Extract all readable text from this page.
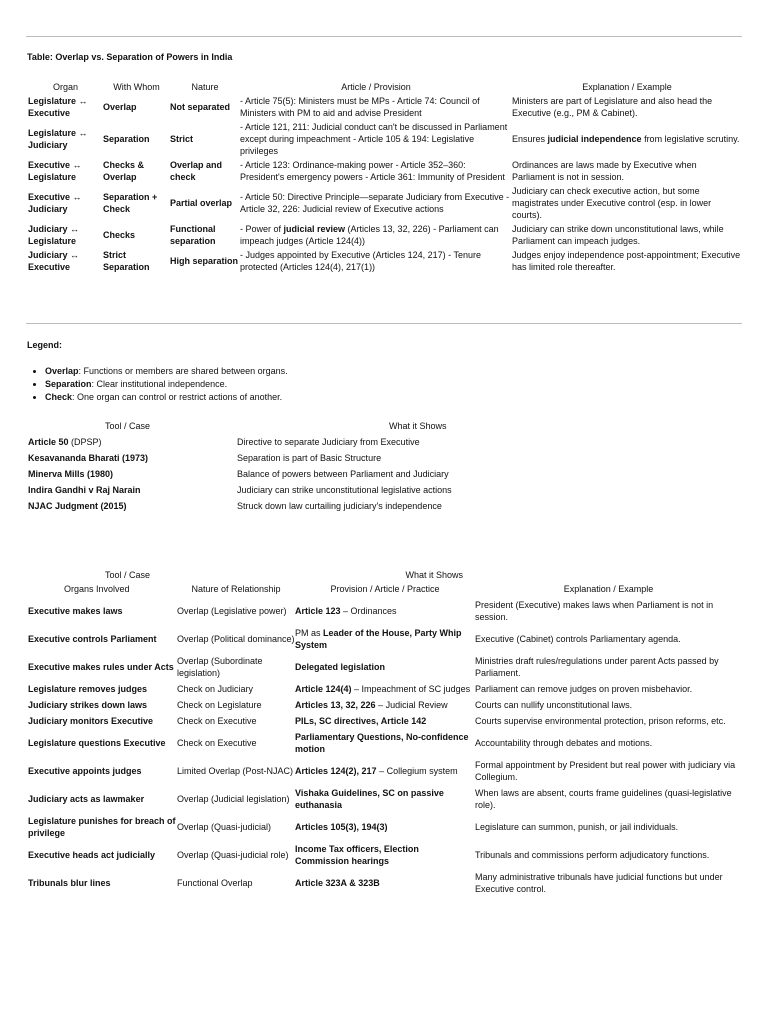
Table: Overlap vs. Separation of Powers in India
Organ	With Whom	Nature	Article / Provision	Explanation / Example
Legislature ↔ Executive	Overlap	Not separated	- Article 75(5): Ministers must be MPs - Article 74: Council of Ministers with PM to aid and advise President	Ministers are part of Legislature and also head the Executive (e.g., PM & Cabinet).
Legislature ↔ Judiciary	Separation	Strict	- Article 121, 211: Judicial conduct can't be discussed in Parliament except during impeachment - Article 105 & 194: Legislative privileges	Ensures judicial independence from legislative scrutiny.
Executive ↔ Legislature	Checks & Overlap	Overlap and check	- Article 123: Ordinance-making power - Article 352–360: President's emergency powers - Article 361: Immunity of President	Ordinances are laws made by Executive when Parliament is not in session.
Executive ↔ Judiciary	Separation + Check	Partial overlap	- Article 50: Directive Principle—separate Judiciary from Executive - Article 32, 226: Judicial review of Executive actions	Judiciary can check executive action, but some magistrates under Executive control (esp. in lower courts).
Judiciary ↔ Legislature	Checks	Functional separation	- Power of judicial review (Articles 13, 32, 226) - Parliament can impeach judges (Article 124(4))	Judiciary can strike down unconstitutional laws, while Parliament can impeach judges.
Judiciary ↔ Executive	Strict Separation	High separation	- Judges appointed by Executive (Articles 124, 217) - Tenure protected (Articles 124(4), 217(1))	Judges enjoy independence post-appointment; Executive has limited role thereafter.
Legend:
• Overlap: Functions or members are shared between organs.
• Separation: Clear institutional independence.
• Check: One organ can control or restrict actions of another.
Tool / Case	What it Shows
Article 50 (DPSP)	Directive to separate Judiciary from Executive
Kesavananda Bharati (1973)	Separation is part of Basic Structure
Minerva Mills (1980)	Balance of powers between Parliament and Judiciary
Indira Gandhi v Raj Narain	Judiciary can strike unconstitutional legislative actions
NJAC Judgment (2015)	Struck down law curtailing judiciary's independence
Tool / Case		What it Shows	
Organs Involved	Nature of Relationship	Provision / Article / Practice	Explanation / Example
Executive makes laws	Overlap (Legislative power)	Article 123 – Ordinances	President (Executive) makes laws when Parliament is not in session.
Executive controls Parliament	Overlap (Political dominance)	PM as Leader of the House, Party Whip System	Executive (Cabinet) controls Parliamentary agenda.
Executive makes rules under Acts	Overlap (Subordinate legislation)	Delegated legislation	Ministries draft rules/regulations under parent Acts passed by Parliament.
Legislature removes judges	Check on Judiciary	Article 124(4) – Impeachment of SC judges	Parliament can remove judges on proven misbehavior.
Judiciary strikes down laws	Check on Legislature	Articles 13, 32, 226 – Judicial Review	Courts can nullify unconstitutional laws.
Judiciary monitors Executive	Check on Executive	PILs, SC directives, Article 142	Courts supervise environmental protection, prison reforms, etc.
Legislature questions Executive	Check on Executive	Parliamentary Questions, No-confidence motion	Accountability through debates and motions.
Executive appoints judges	Limited Overlap (Post-NJAC)	Articles 124(2), 217 – Collegium system	Formal appointment by President but real power with judiciary via Collegium.
Judiciary acts as lawmaker	Overlap (Judicial legislation)	Vishaka Guidelines, SC on passive euthanasia	When laws are absent, courts frame guidelines (quasi-legislative role).
Legislature punishes for breach of privilege	Overlap (Quasi-judicial)	Articles 105(3), 194(3)	Legislature can summon, punish, or jail individuals.
Executive heads act judicially	Overlap (Quasi-judicial role)	Income Tax officers, Election Commission hearings	Tribunals and commissions perform adjudicatory functions.
Tribunals blur lines	Functional Overlap	Article 323A & 323B	Many administrative tribunals have judicial functions but under Executive control.
